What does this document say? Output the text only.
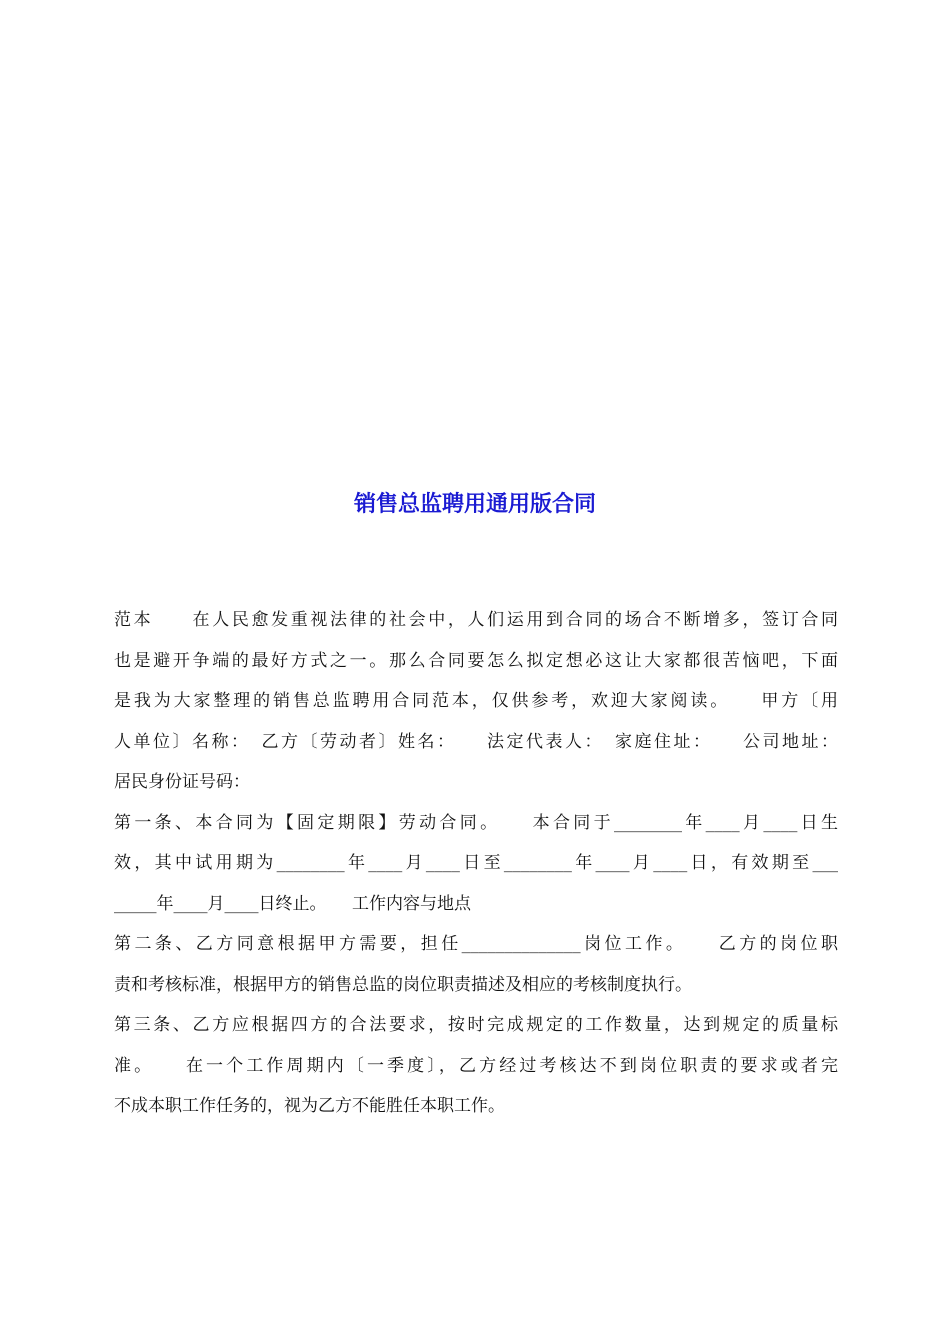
销售总监聘用通用版合同
范本　　在人民愈发重视法律的社会中，人们运用到合同的场合不断增多，签订合同
也是避开争端的最好方式之一。那么合同要怎么拟定想必这让大家都很苦恼吧，下面
是我为大家整理的销售总监聘用合同范本，仅供参考，欢迎大家阅读。　　甲方〔用
人单位〕名称：　乙方〔劳动者〕姓名：　　法定代表人：　家庭住址：　　公司地址：
居民身份证号码：
第一条、本合同为【固定期限】劳动合同。　　本合同于________年____月____日生
效，其中试用期为________年____月____日至________年____月____日，有效期至___
_____年____月____日终止。　　工作内容与地点
第二条、乙方同意根据甲方需要，担任______________岗位工作。　　乙方的岗位职
责和考核标准，根据甲方的销售总监的岗位职责描述及相应的考核制度执行。
第三条、乙方应根据四方的合法要求，按时完成规定的工作数量，达到规定的质量标
准。　　在一个工作周期内〔一季度〕，乙方经过考核达不到岗位职责的要求或者完
不成本职工作任务的，视为乙方不能胜任本职工作。
